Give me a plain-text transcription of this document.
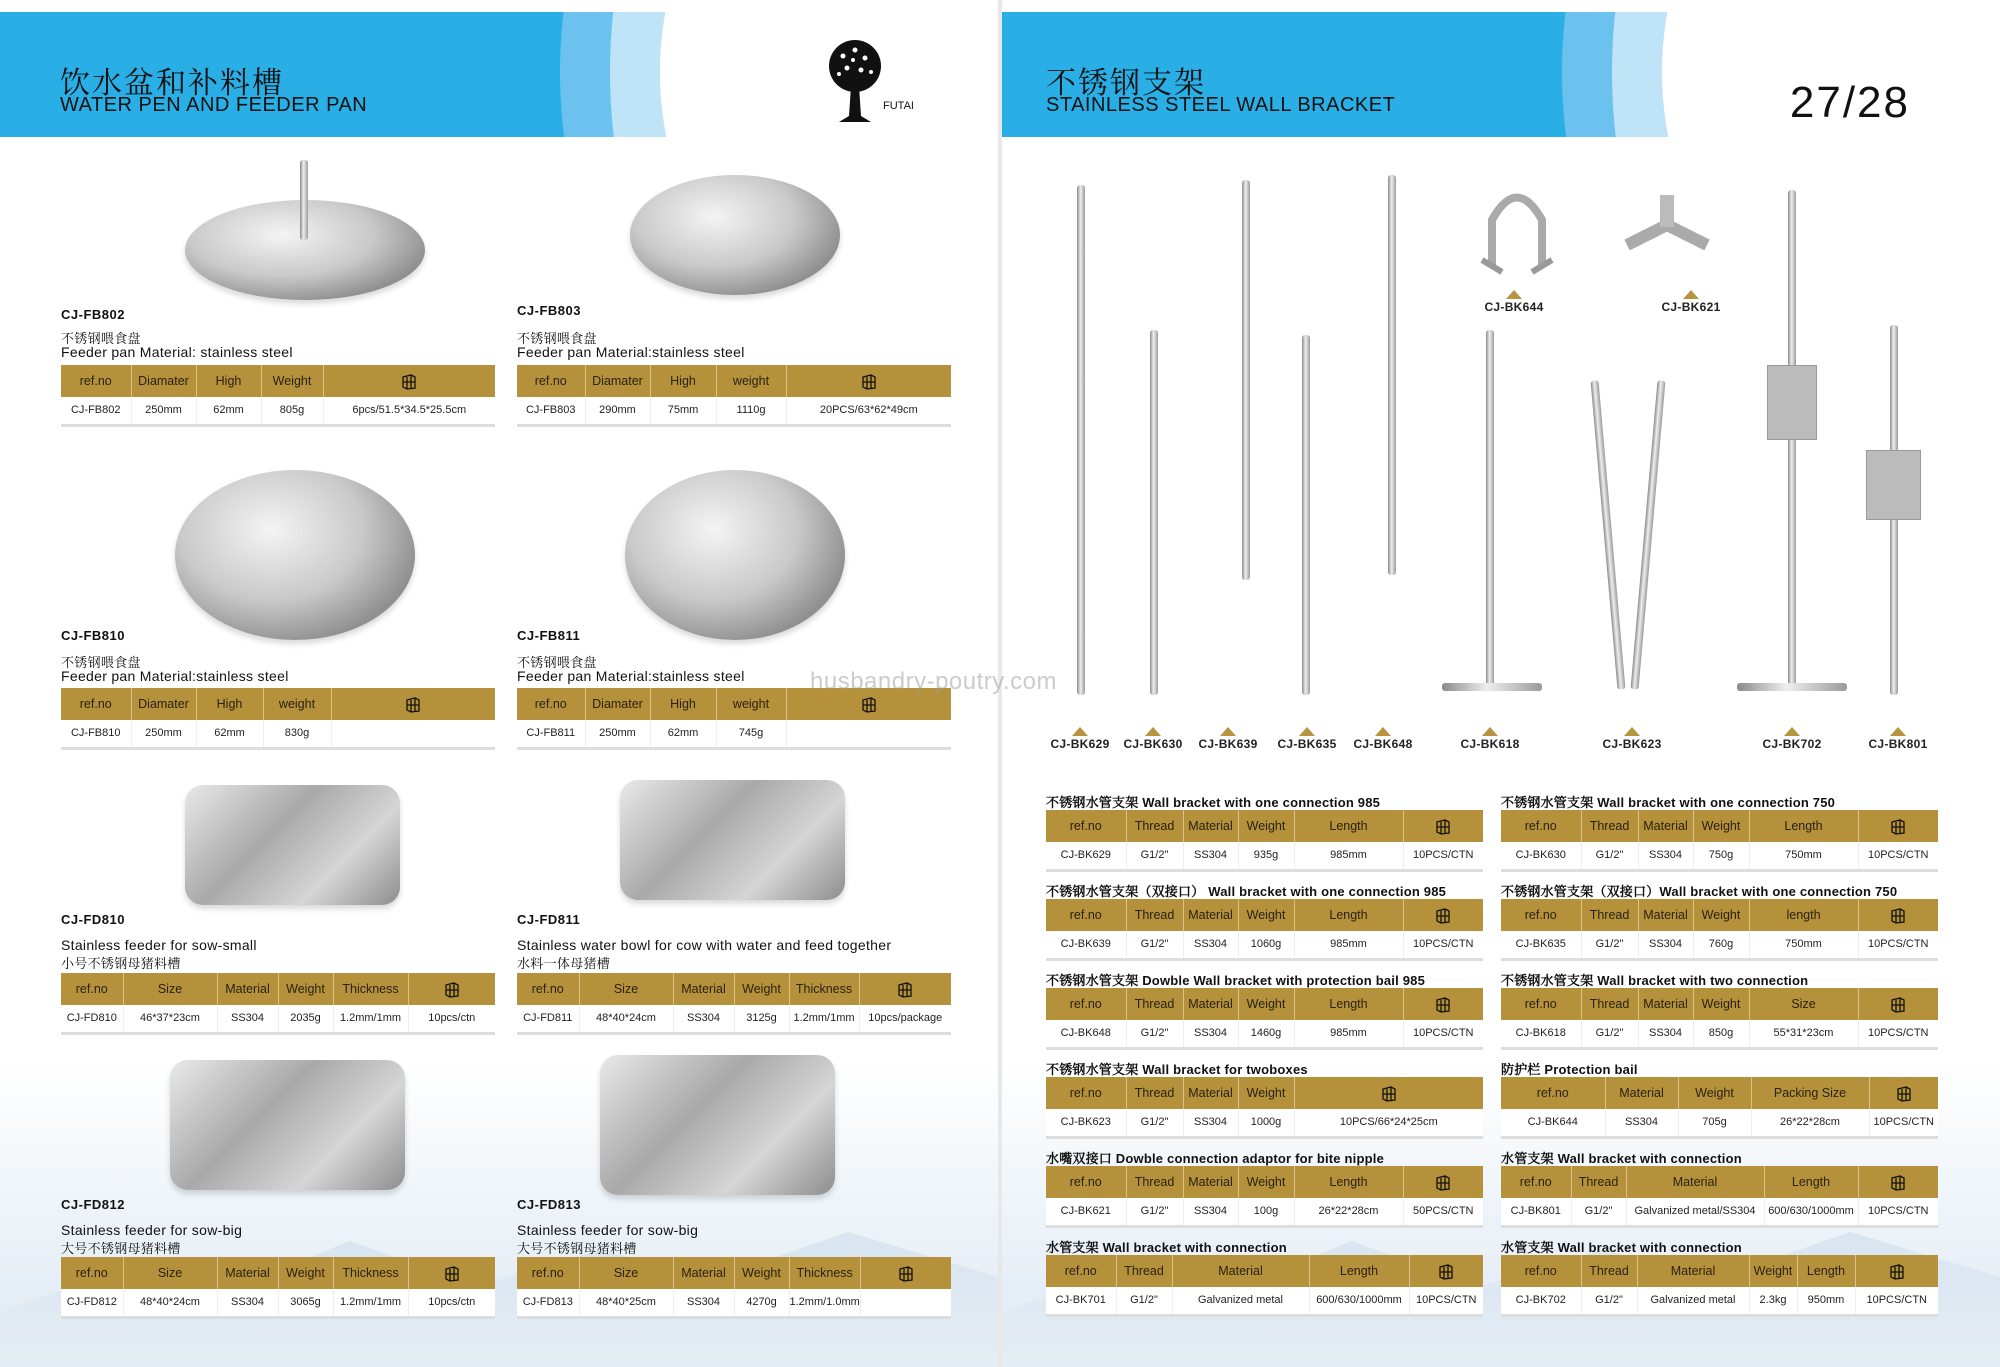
饮水盆和补料槽
WATER PEN AND FEEDER PAN	FUTAI
CJ-FB802
不锈钢喂食盘
Feeder pan Material: stainless steel
ref.no	Diamater	High	Weight	
CJ-FB802	250mm	62mm	805g	6pcs/51.5*34.5*25.5cm
CJ-FB803
不锈钢喂食盘
Feeder pan Material:stainless steel
ref.no	Diamater	High	weight	
CJ-FB803	290mm	75mm	1110g	20PCS/63*62*49cm
CJ-FB810
不锈钢喂食盘
Feeder pan Material:stainless steel
ref.no	Diamater	High	weight	
CJ-FB810	250mm	62mm	830g	
CJ-FB811
不锈钢喂食盘
Feeder pan Material:stainless steel
ref.no	Diamater	High	weight	
CJ-FB811	250mm	62mm	745g	
CJ-FD810
Stainless feeder for sow-small
小号不锈钢母猪料槽
ref.no	Size	Material	Weight	Thickness	
CJ-FD810	46*37*23cm	SS304	2035g	1.2mm/1mm	10pcs/ctn
CJ-FD811
Stainless water bowl for cow with water and feed together
水料一体母猪槽
ref.no	Size	Material	Weight	Thickness	
CJ-FD811	48*40*24cm	SS304	3125g	1.2mm/1mm	10pcs/package
CJ-FD812
Stainless feeder for sow-big
大号不锈钢母猪料槽
ref.no	Size	Material	Weight	Thickness	
CJ-FD812	48*40*24cm	SS304	3065g	1.2mm/1mm	10pcs/ctn
CJ-FD813
Stainless feeder for sow-big
大号不锈钢母猪料槽
ref.no	Size	Material	Weight	Thickness	
CJ-FD813	48*40*25cm	SS304	4270g	1.2mm/1.0mm	
不锈钢支架
STAINLESS STEEL WALL BRACKET	27/28
CJ-BK644	CJ-BK621
CJ-BK629	CJ-BK630	CJ-BK639	CJ-BK635	CJ-BK648	CJ-BK618	CJ-BK623	CJ-BK702	CJ-BK801
不锈钢水管支架 Wall bracket with one connection 985
ref.no	Thread	Material	Weight	Length	
CJ-BK629	G1/2"	SS304	935g	985mm	10PCS/CTN
不锈钢水管支架 Wall bracket with one connection 750
ref.no	Thread	Material	Weight	Length	
CJ-BK630	G1/2"	SS304	750g	750mm	10PCS/CTN
不锈钢水管支架（双接口） Wall bracket with one connection 985
ref.no	Thread	Material	Weight	Length	
CJ-BK639	G1/2"	SS304	1060g	985mm	10PCS/CTN
不锈钢水管支架（双接口）Wall bracket with one connection 750
ref.no	Thread	Material	Weight	length	
CJ-BK635	G1/2"	SS304	760g	750mm	10PCS/CTN
不锈钢水管支架 Dowble Wall bracket with protection bail 985
ref.no	Thread	Material	Weight	Length	
CJ-BK648	G1/2"	SS304	1460g	985mm	10PCS/CTN
不锈钢水管支架 Wall bracket with two connection
ref.no	Thread	Material	Weight	Size	
CJ-BK618	G1/2"	SS304	850g	55*31*23cm	10PCS/CTN
不锈钢水管支架 Wall bracket for twoboxes
ref.no	Thread	Material	Weight	
CJ-BK623	G1/2"	SS304	1000g	10PCS/66*24*25cm
防护栏 Protection bail
ref.no	Material	Weight	Packing Size	
CJ-BK644	SS304	705g	26*22*28cm	10PCS/CTN
水嘴双接口 Dowble connection adaptor for bite nipple
ref.no	Thread	Material	Weight	Length	
CJ-BK621	G1/2"	SS304	100g	26*22*28cm	50PCS/CTN
水管支架 Wall bracket with connection
ref.no	Thread	Material	Length	
CJ-BK801	G1/2"	Galvanized metal/SS304	600/630/1000mm	10PCS/CTN
水管支架 Wall bracket with connection
ref.no	Thread	Material	Length	
CJ-BK701	G1/2"	Galvanized metal	600/630/1000mm	10PCS/CTN
水管支架 Wall bracket with connection
ref.no	Thread	Material	Weight	Length	
CJ-BK702	G1/2"	Galvanized metal	2.3kg	950mm	10PCS/CTN
husbandry-poutry.com
